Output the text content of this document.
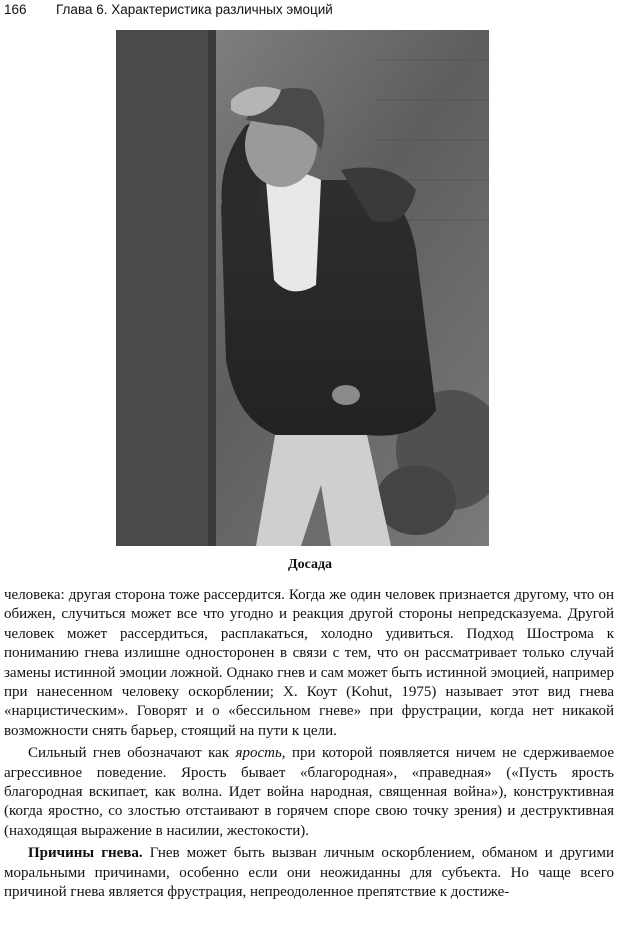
166 Глава 6. Характеристика различных эмоций
Досада

человека: другая сторона тоже рассердится. Когда же один человек признается другому, что он обижен, случиться может все что угодно и реакция другой стороны непредсказуема. Другой человек может рассердиться, расплакаться, холодно удивиться. Подход Шострома к пониманию гнева излишне односторонен в связи с тем, что он рассматривает только случай замены истинной эмоции ложной. Однако гнев и сам может быть истинной эмоцией, например при нанесенном человеку оскорблении; X. Коут (Kohut, 1975) называет этот вид гнева «нарцистическим». Говорят и о «бессильном гневе» при фрустрации, когда нет никакой возможности снять барьер, стоящий на пути к цели.

Сильный гнев обозначают как ярость, при которой появляется ничем не сдерживаемое агрессивное поведение. Ярость бывает «благородная», «праведная» («Пусть ярость благородная вскипает, как волна. Идет война народная, священная война»), конструктивная (когда яростно, со злостью отстаивают в горячем споре свою точку зрения) и деструктивная (находящая выражение в насилии, жестокости).

Причины гнева. Гнев может быть вызван личным оскорблением, обманом и другими моральными причинами, особенно если они неожиданны для субъекта. Но чаще всего причиной гнева является фрустрация, непреодоленное препятствие к достиже-
